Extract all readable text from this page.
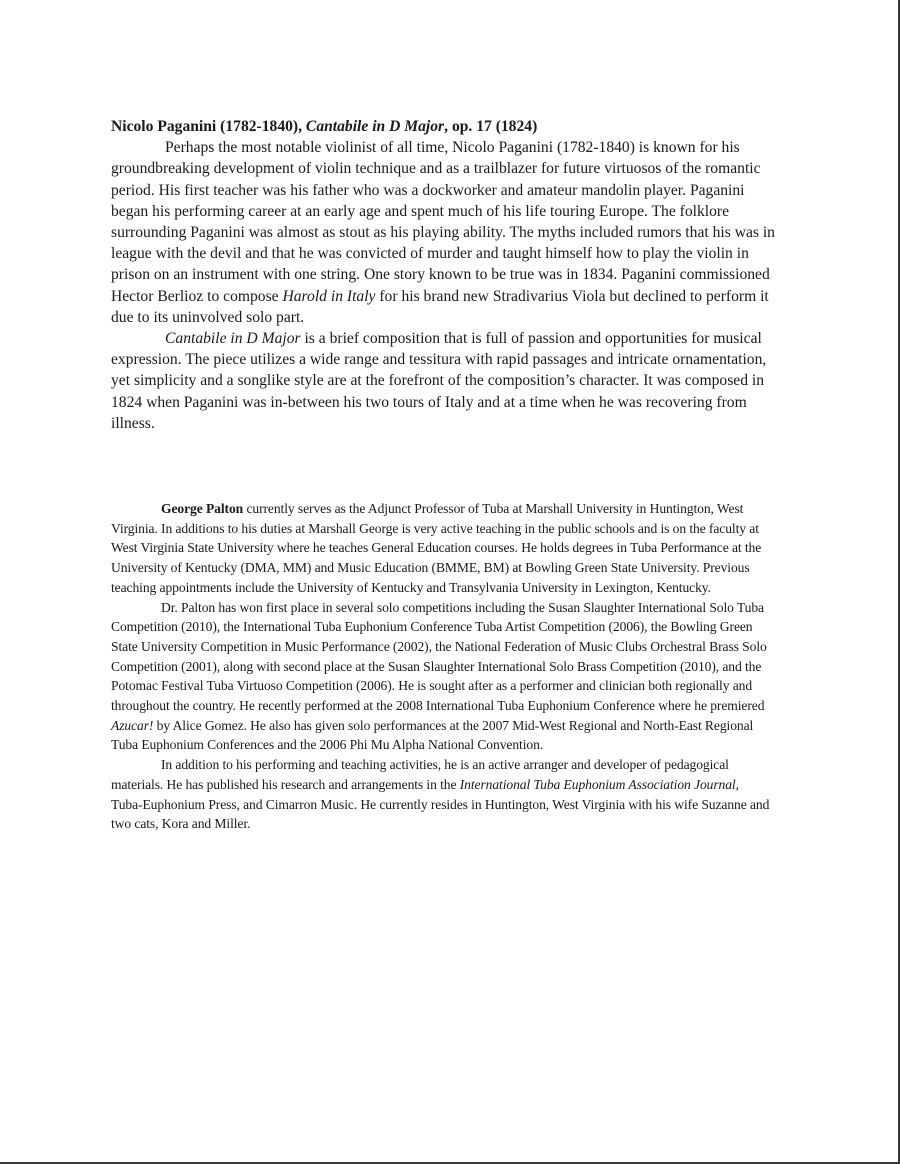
Nicolo Paganini (1782-1840), Cantabile in D Major, op. 17 (1824)

Perhaps the most notable violinist of all time, Nicolo Paganini (1782-1840) is known for his groundbreaking development of violin technique and as a trailblazer for future virtuosos of the romantic period. His first teacher was his father who was a dockworker and amateur mandolin player. Paganini began his performing career at an early age and spent much of his life touring Europe. The folklore surrounding Paganini was almost as stout as his playing ability. The myths included rumors that his was in league with the devil and that he was convicted of murder and taught himself how to play the violin in prison on an instrument with one string. One story known to be true was in 1834. Paganini commissioned Hector Berlioz to compose Harold in Italy for his brand new Stradivarius Viola but declined to perform it due to its uninvolved solo part.

Cantabile in D Major is a brief composition that is full of passion and opportunities for musical expression. The piece utilizes a wide range and tessitura with rapid passages and intricate ornamentation, yet simplicity and a songlike style are at the forefront of the composition’s character. It was composed in 1824 when Paganini was in-between his two tours of Italy and at a time when he was recovering from illness.

George Palton currently serves as the Adjunct Professor of Tuba at Marshall University in Huntington, West Virginia. In additions to his duties at Marshall George is very active teaching in the public schools and is on the faculty at West Virginia State University where he teaches General Education courses. He holds degrees in Tuba Performance at the University of Kentucky (DMA, MM) and Music Education (BMME, BM) at Bowling Green State University. Previous teaching appointments include the University of Kentucky and Transylvania University in Lexington, Kentucky.

Dr. Palton has won first place in several solo competitions including the Susan Slaughter International Solo Tuba Competition (2010), the International Tuba Euphonium Conference Tuba Artist Competition (2006), the Bowling Green State University Competition in Music Performance (2002), the National Federation of Music Clubs Orchestral Brass Solo Competition (2001), along with second place at the Susan Slaughter International Solo Brass Competition (2010), and the Potomac Festival Tuba Virtuoso Competition (2006). He is sought after as a performer and clinician both regionally and throughout the country. He recently performed at the 2008 International Tuba Euphonium Conference where he premiered Azucar! by Alice Gomez. He also has given solo performances at the 2007 Mid-West Regional and North-East Regional Tuba Euphonium Conferences and the 2006 Phi Mu Alpha National Convention.

In addition to his performing and teaching activities, he is an active arranger and developer of pedagogical materials. He has published his research and arrangements in the International Tuba Euphonium Association Journal, Tuba-Euphonium Press, and Cimarron Music. He currently resides in Huntington, West Virginia with his wife Suzanne and two cats, Kora and Miller.
